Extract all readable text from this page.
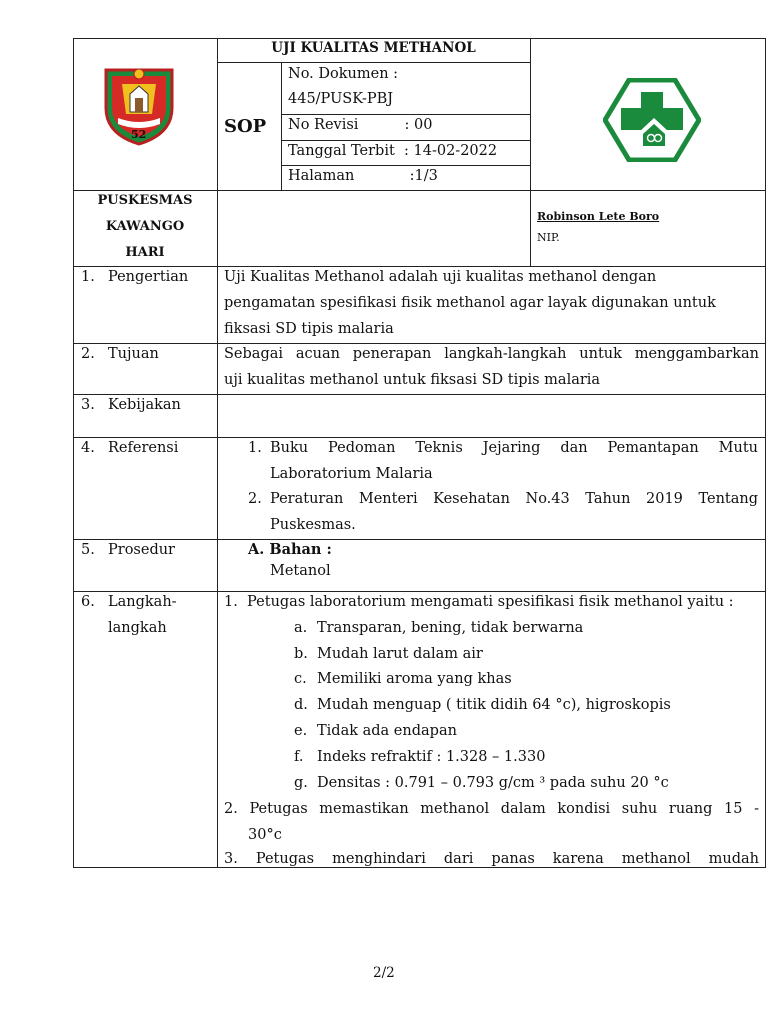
52
UJI KUALITAS METHANOL
SOP
No. Dokumen :
445/PUSK-PBJ
No Revisi          : 00
Tanggal Terbit  : 14-02-2022
Halaman            :1/3
PUSKESMAS
KAWANGO
HARI
Robinson Lete Boro
NIP.
1. Pengertian Uji Kualitas Methanol adalah uji kualitas methanol dengan
pengamatan spesifikasi fisik methanol agar layak digunakan untuk
fiksasi SD tipis malaria
2. Tujuan	Sebagai acuan penerapan langkah-langkah untuk menggambarkan
uji kualitas methanol untuk fiksasi SD tipis malaria
3. Kebijakan
4. Referensi	1. Buku Pedoman Teknis Jejaring dan Pemantapan Mutu
Laboratorium Malaria
2. Peraturan Menteri Kesehatan No.43 Tahun 2019 Tentang
Puskesmas.
5. Prosedur	A. Bahan :
Metanol
6. Langkah-
langkah
1.  Petugas laboratorium mengamati spesifikasi fisik methanol yaitu :
a. Transparan, bening, tidak berwarna
b. Mudah larut dalam air
c. Memiliki aroma yang khas
d. Mudah menguap ( titik didih 64 °c), higroskopis
e. Tidak ada endapan
f. Indeks refraktif : 1.328 – 1.330
g. Densitas : 0.791 – 0.793 g/cm ³ pada suhu 20 °c
2. Petugas memastikan methanol dalam kondisi suhu ruang 15 -
30°c
3. Petugas menghindari dari panas karena methanol mudah
2/2
